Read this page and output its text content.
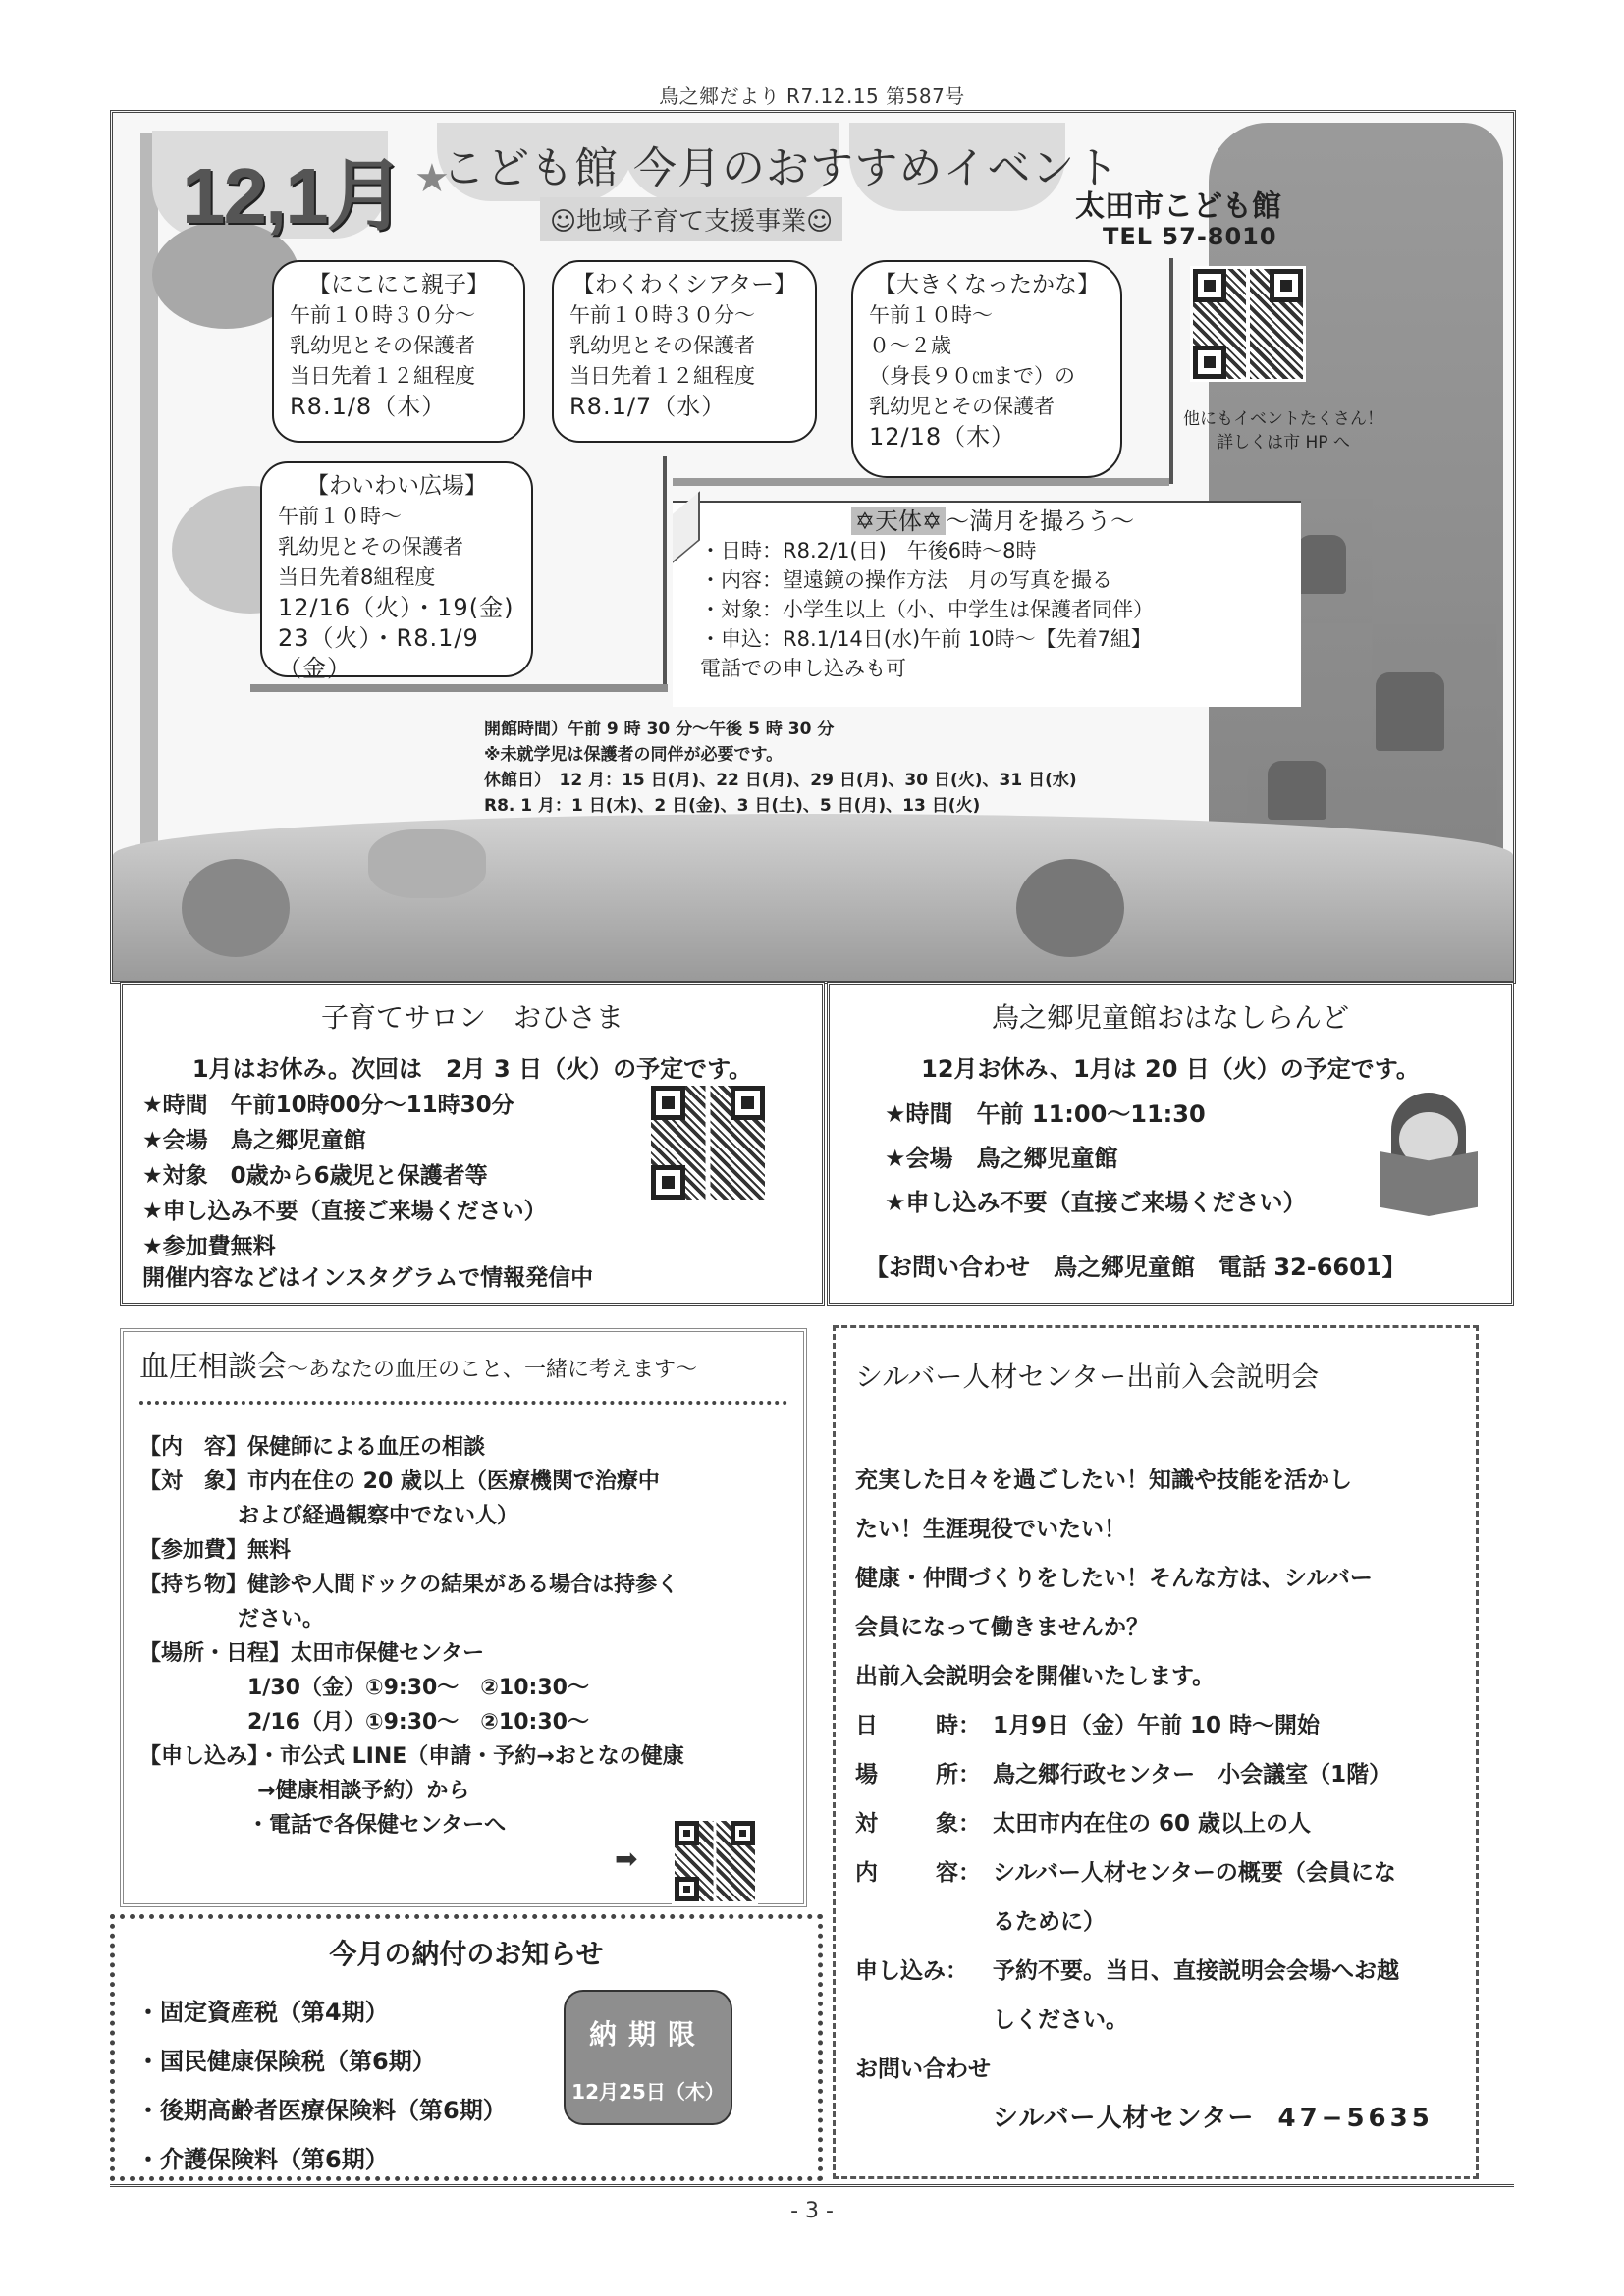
鳥之郷だより R7.12.15 第587号
12,1月 ★
こども館 今月のおすすめイベント
☺地域子育て支援事業☺	太田市こども館
TEL 57-8010
【にこにこ親子】
午前１０時３０分～
乳幼児とその保護者
当日先着１２組程度
R8.1/8（木）
【わくわくシアター】
午前１０時３０分～
乳幼児とその保護者
当日先着１２組程度
R8.1/7（水）
【大きくなったかな】
午前１０時～
０～２歳
（身長９０㎝まで）の
乳幼児とその保護者
12/18（木）
【わいわい広場】
午前１０時～
乳幼児とその保護者
当日先着8組程度
12/16（火）・19(金)
23（火）・R8.1/9（金）
他にもイベントたくさん！
詳しくは市 HP へ
✡天体✡ ～満月を撮ろう～
・日時：R8.2/1(日)　午後6時～8時
・内容：望遠鏡の操作方法　月の写真を撮る
・対象：小学生以上（小、中学生は保護者同伴）
・申込：R8.1/14日(水)午前 10時～【先着7組】
電話での申し込みも可
開館時間）午前 9 時 30 分～午後 5 時 30 分
※未就学児は保護者の同伴が必要です。
休館日）　12 月：15 日(月)、22 日(月)、29 日(月)、30 日(火)、31 日(水)
R8. 1 月：1 日(木)、2 日(金)、3 日(土)、5 日(月)、13 日(火)
子育てサロン　おひさま
1月はお休み。次回は　2月 3 日（火）の予定です。
★時間　午前10時00分～11時30分
★会場　鳥之郷児童館
★対象　0歳から6歳児と保護者等
★申し込み不要（直接ご来場ください）
★参加費無料
開催内容などはインスタグラムで情報発信中
鳥之郷児童館おはなしらんど
12月お休み、1月は 20 日（火）の予定です。
★時間　午前 11:00～11:30
★会場　鳥之郷児童館
★申し込み不要（直接ご来場ください）
【お問い合わせ　鳥之郷児童館　電話 32-6601】
血圧相談会～あなたの血圧のこと、一緒に考えます～
【内　容】保健師による血圧の相談
【対　象】市内在住の 20 歳以上（医療機関で治療中
および経過観察中でない人）
【参加費】無料
【持ち物】健診や人間ドックの結果がある場合は持参く
ださい。
【場所・日程】太田市保健センター
1/30（金）①9:30～　②10:30～
2/16（月）①9:30～　②10:30～
【申し込み】・市公式 LINE（申請・予約→おとなの健康
→健康相談予約）から
・電話で各保健センターへ
➡
今月の納付のお知らせ
・固定資産税（第4期）
・国民健康保険税（第6期）
・後期高齢者医療保険料（第6期）
・介護保険料（第6期）
納期限
12月25日（木）
シルバー人材センター出前入会説明会
充実した日々を過ごしたい！知識や技能を活かし
たい！生涯現役でいたい！
健康・仲間づくりをしたい！そんな方は、シルバー
会員になって働きませんか？
出前入会説明会を開催いたします。
日	時： 1月9日（金）午前 10 時～開始
場	所： 鳥之郷行政センター　小会議室（1階）
対	象： 太田市内在住の 60 歳以上の人
内	容： シルバー人材センターの概要（会員にな
るために）
申し込み：	予約不要。当日、直接説明会会場へお越
しください。
お問い合わせ
シルバー人材センター 47−5635
- 3 -
